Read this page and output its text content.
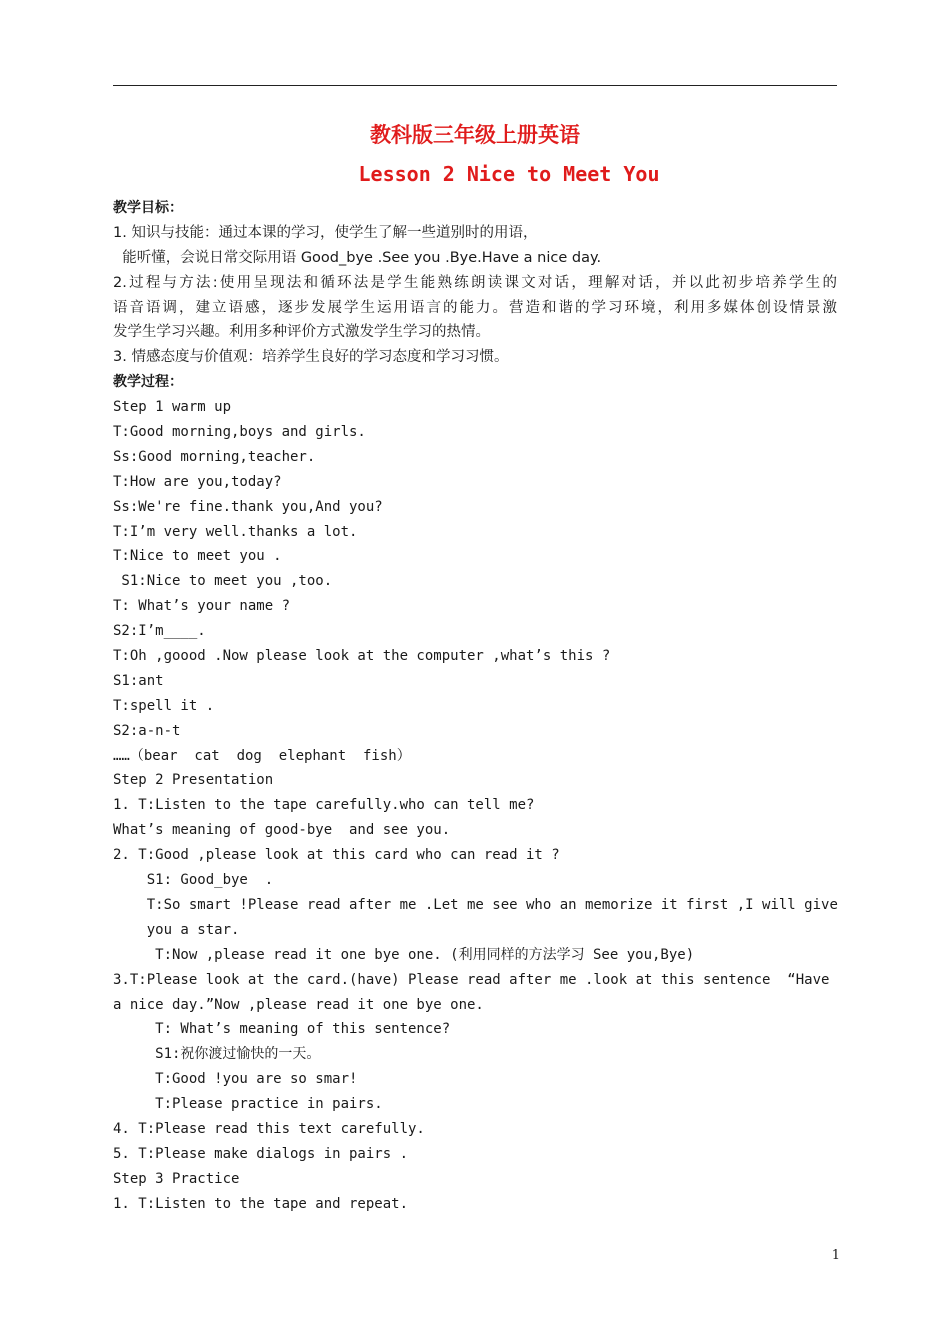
教科版三年级上册英语
Lesson 2 Nice to Meet You
教学目标：
1. 知识与技能：通过本课的学习，使学生了解一些道别时的用语，
能听懂，会说日常交际用语 Good_bye .See you .Bye.Have a nice day.
2.过程与方法:使用呈现法和循环法是学生能熟练朗读课文对话，理解对话，并以此初步培养学生的
语音语调，建立语感，逐步发展学生运用语言的能力。营造和谐的学习环境，利用多媒体创设情景激
发学生学习兴趣。利用多种评价方式激发学生学习的热情。
3. 情感态度与价值观：培养学生良好的学习态度和学习习惯。
教学过程：
Step 1 warm up
T:Good morning,boys and girls.
Ss:Good morning,teacher.
T:How are you,today?
Ss:We're fine.thank you,And you?
T:I’m very well.thanks a lot.
T:Nice to meet you .
S1:Nice to meet you ,too.
T: What’s your name ?
S2:I’m____.
T:Oh ,goood .Now please look at the computer ,what’s this ?
S1:ant
T:spell it .
S2:a-n-t
……（bear  cat  dog  elephant  fish）
Step 2 Presentation
1. T:Listen to the tape carefully.who can tell me?
What’s meaning of good-bye  and see you.
2. T:Good ,please look at this card who can read it ?
S1: Good_bye  .
T:So smart !Please read after me .Let me see who an memorize it first ,I will give
you a star.
T:Now ,please read it one bye one. (利用同样的方法学习 See you,Bye)
3.T:Please look at the card.(have) Please read after me .look at this sentence  “Have
a nice day.”Now ,please read it one bye one.
T: What’s meaning of this sentence?
S1:祝你渡过愉快的一天。
T:Good !you are so smar!
T:Please practice in pairs.
4. T:Please read this text carefully.
5. T:Please make dialogs in pairs .
Step 3 Practice
1. T:Listen to the tape and repeat.
1
